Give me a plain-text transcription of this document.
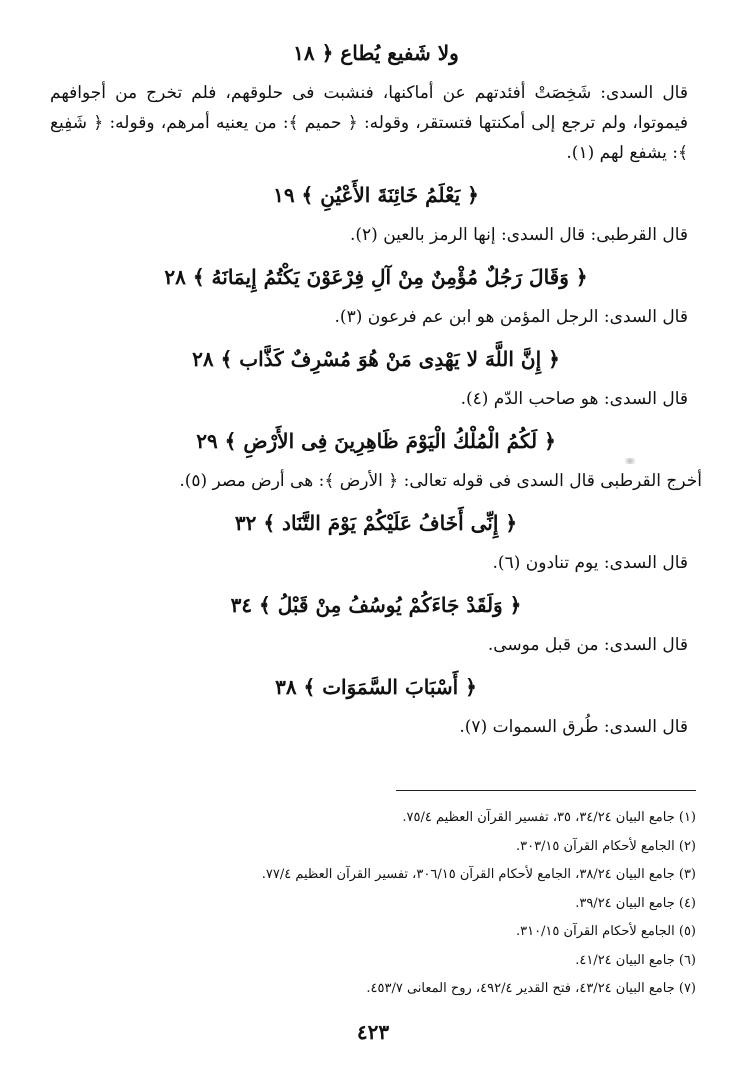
ولا شَفيع يُطاع ﴿ ١٨
قال السدى: شَخِصَتْ أفئدتهم عن أماكنها، فنشبت فى حلوقهم، فلم تخرج من أجوافهم فيموتوا، ولم ترجع إلى أمكنتها فتستقر، وقوله: ﴿ حميم ﴾: من يعنيه أمرهم، وقوله: ﴿ شَفِيع ﴾: يشفع لهم (١).
﴿ يَعْلَمُ خَائِنَةَ الأَعْيُنِ ﴾ ١٩
قال القرطبى: قال السدى: إنها الرمز بالعين (٢).
﴿ وَقَالَ رَجُلٌ مُؤْمِنٌ مِنْ آلِ فِرْعَوْنَ يَكْتُمُ إِيمَانَهُ ﴾ ٢٨
قال السدى: الرجل المؤمن هو ابن عم فرعون (٣).
﴿ إِنَّ اللَّهَ لا يَهْدِى مَنْ هُوَ مُسْرِفٌ كَذَّاب ﴾ ٢٨
قال السدى: هو صاحب الدّم (٤).
﴿ لَكُمُ الْمُلْكُ الْيَوْمَ ظَاهِرِينَ فِى الأَرْضِ ﴾ ٢٩
أخرج القرطبى قال السدى فى قوله تعالى: ﴿ الأرض ﴾: هى أرض مصر (٥).
﴿ إِنِّى أَخَافُ عَلَيْكُمْ يَوْمَ التَّنَاد ﴾ ٣٢
قال السدى: يوم تنادون (٦).
﴿ وَلَقَدْ جَاءَكُمْ يُوسُفُ مِنْ قَبْلُ ﴾ ٣٤
قال السدى: من قبل موسى.
﴿ أَسْبَابَ السَّمَوَات ﴾ ٣٨
قال السدى: طُرق السموات (٧).
(١) جامع البيان ٣٤/٢٤، ٣٥، تفسير القرآن العظيم ٧٥/٤.
(٢) الجامع لأحكام القرآن ٣٠٣/١٥.
(٣) جامع البيان ٣٨/٢٤، الجامع لأحكام القرآن ٣٠٦/١٥، تفسير القرآن العظيم ٧٧/٤.
(٤) جامع البيان ٣٩/٢٤.
(٥) الجامع لأحكام القرآن ٣١٠/١٥.
(٦) جامع البيان ٤١/٢٤.
(٧) جامع البيان ٤٣/٢٤، فتح القدير ٤٩٢/٤، روح المعانى ٤٥٣/٧.
٤٢٣
